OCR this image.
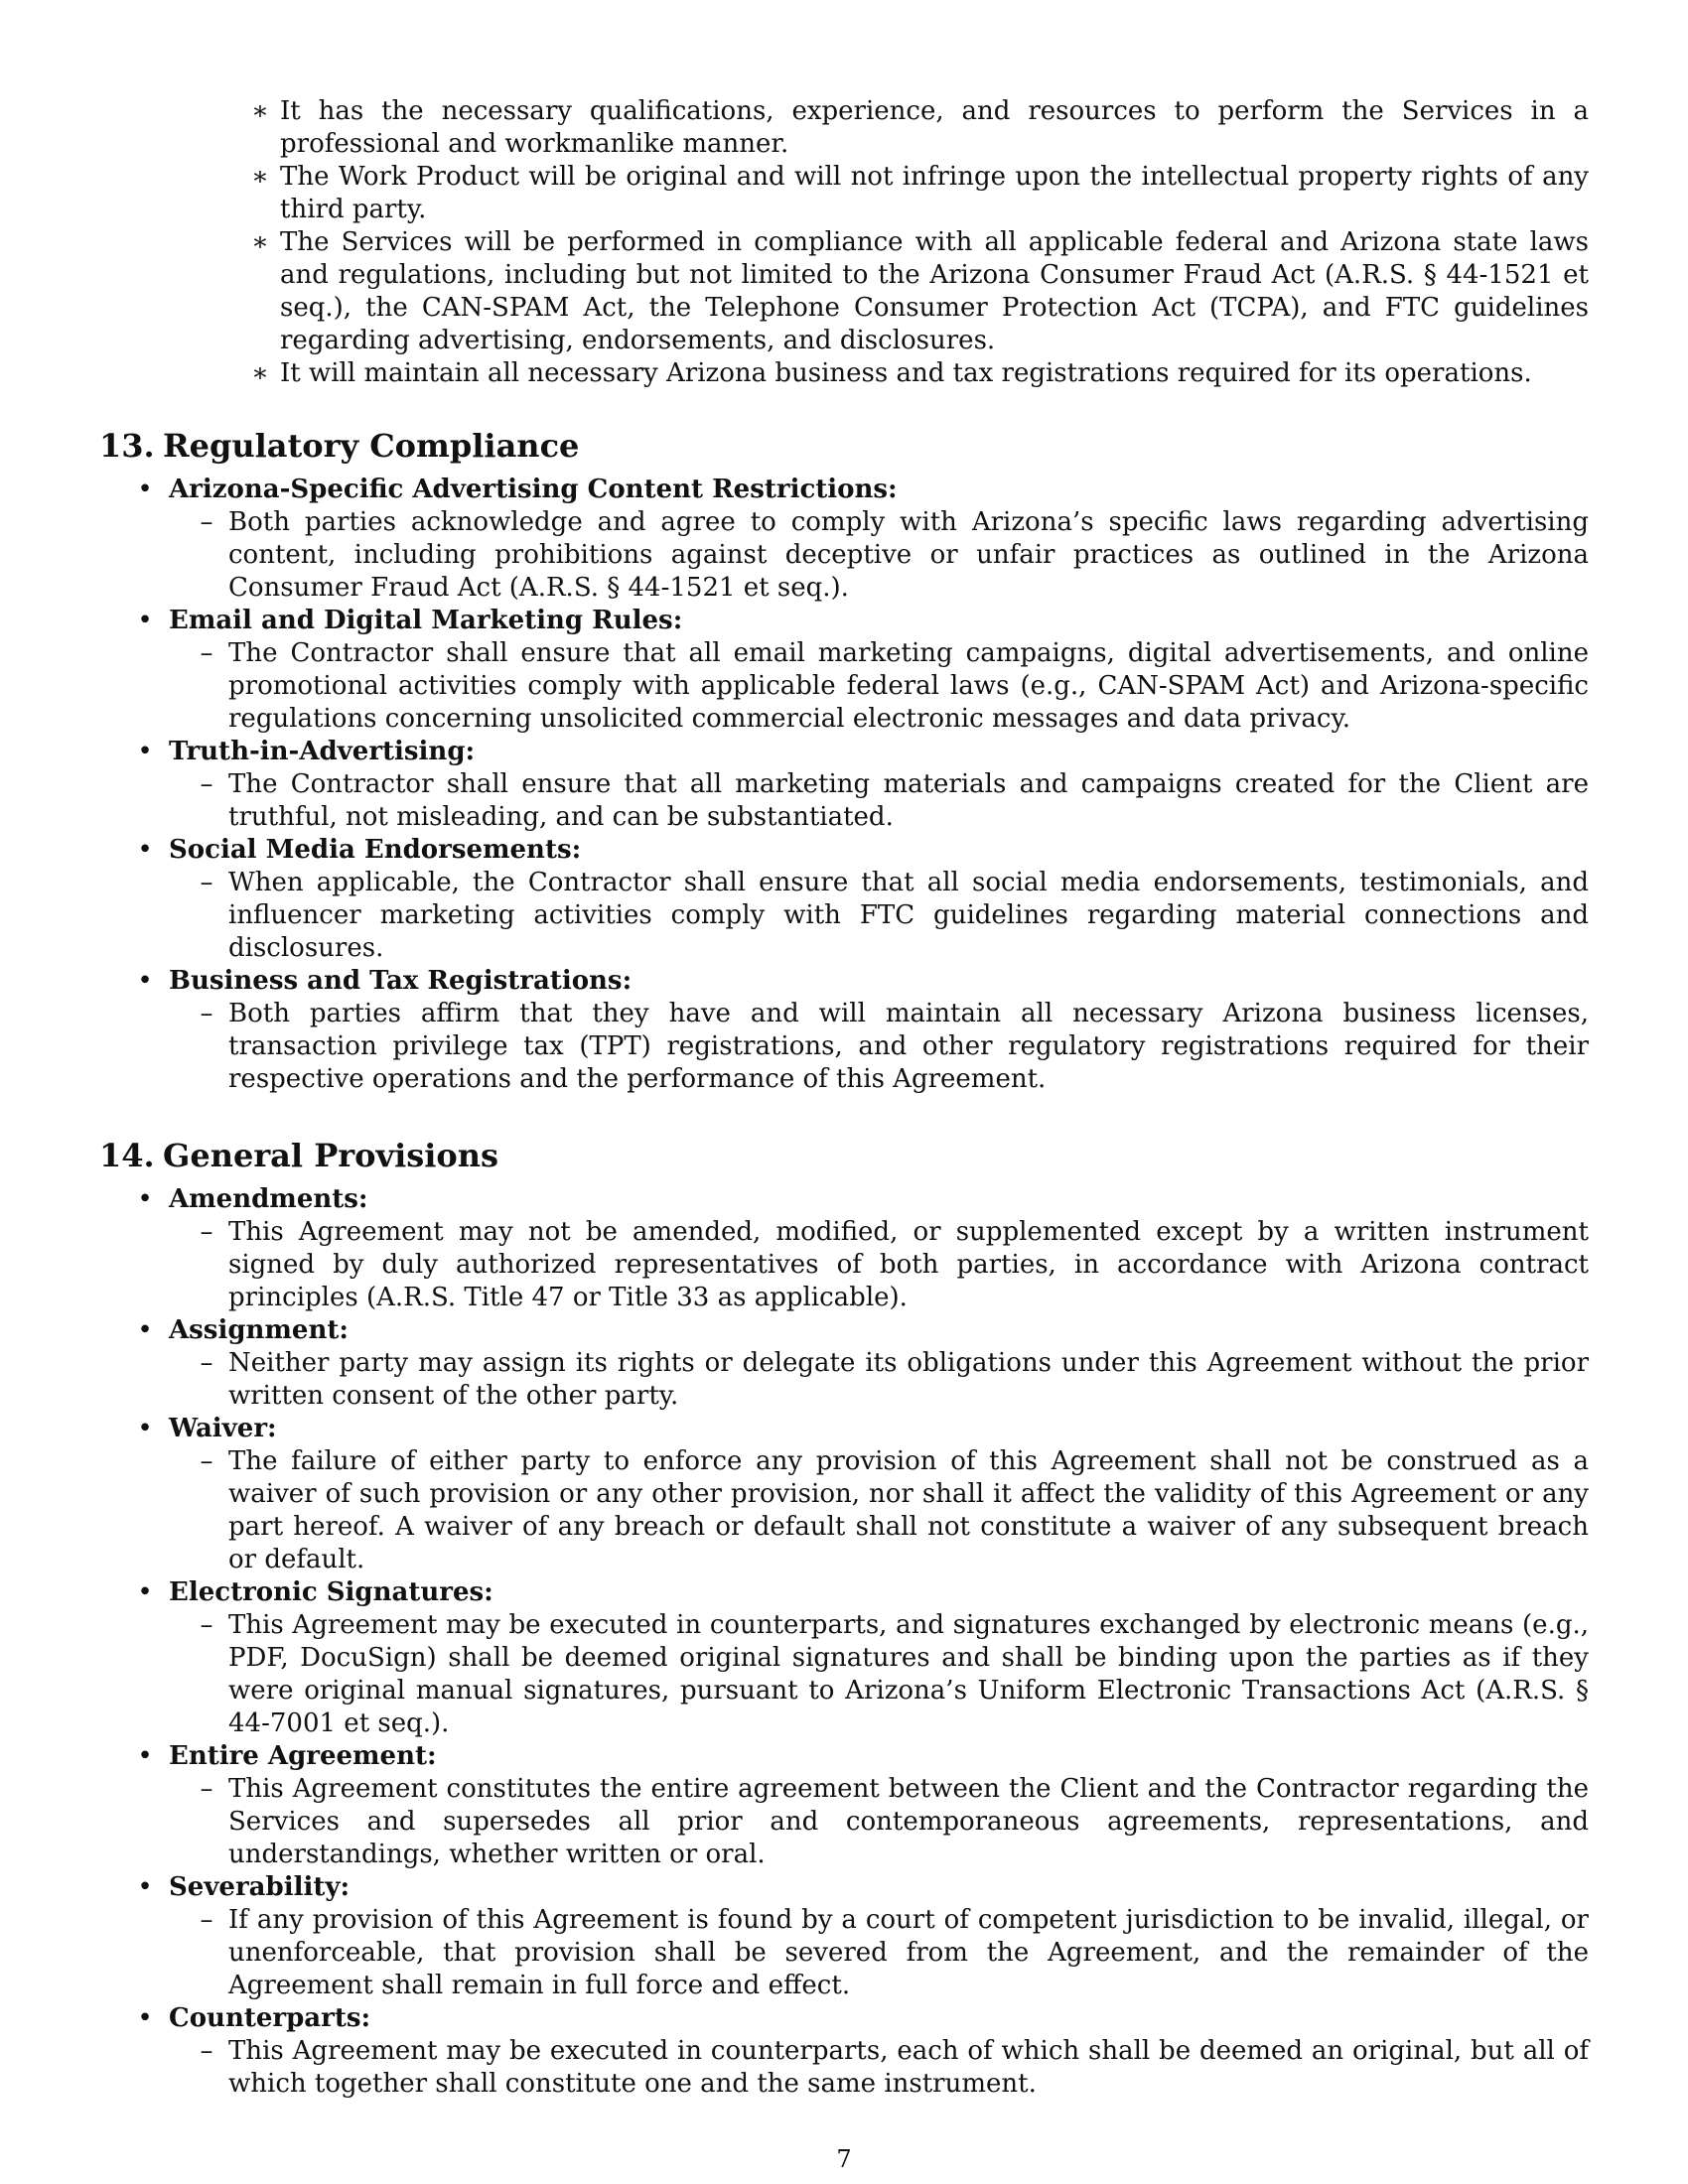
∗ It has the necessary qualifications, experience, and resources to perform the Services in a professional and workmanlike manner.
∗ The Work Product will be original and will not infringe upon the intellectual property rights of any third party.
∗ The Services will be performed in compliance with all applicable federal and Arizona state laws and regulations, including but not limited to the Arizona Consumer Fraud Act (A.R.S. § 44-1521 et seq.), the CAN-SPAM Act, the Telephone Consumer Protection Act (TCPA), and FTC guidelines regarding advertising, endorsements, and disclosures.
∗ It will maintain all necessary Arizona business and tax registrations required for its operations.
13. Regulatory Compliance
• Arizona-Specific Advertising Content Restrictions:
– Both parties acknowledge and agree to comply with Arizona’s specific laws regarding advertising content, including prohibitions against deceptive or unfair practices as outlined in the Arizona Consumer Fraud Act (A.R.S. § 44-1521 et seq.).
• Email and Digital Marketing Rules:
– The Contractor shall ensure that all email marketing campaigns, digital advertisements, and online promotional activities comply with applicable federal laws (e.g., CAN-SPAM Act) and Arizona-specific regulations concerning unsolicited commercial electronic messages and data privacy.
• Truth-in-Advertising:
– The Contractor shall ensure that all marketing materials and campaigns created for the Client are truthful, not misleading, and can be substantiated.
• Social Media Endorsements:
– When applicable, the Contractor shall ensure that all social media endorsements, testimonials, and influencer marketing activities comply with FTC guidelines regarding material connections and disclosures.
• Business and Tax Registrations:
– Both parties affirm that they have and will maintain all necessary Arizona business licenses, transaction privilege tax (TPT) registrations, and other regulatory registrations required for their respective operations and the performance of this Agreement.
14. General Provisions
• Amendments:
– This Agreement may not be amended, modified, or supplemented except by a written instrument signed by duly authorized representatives of both parties, in accordance with Arizona contract principles (A.R.S. Title 47 or Title 33 as applicable).
• Assignment:
– Neither party may assign its rights or delegate its obligations under this Agreement without the prior written consent of the other party.
• Waiver:
– The failure of either party to enforce any provision of this Agreement shall not be construed as a waiver of such provision or any other provision, nor shall it affect the validity of this Agreement or any part hereof. A waiver of any breach or default shall not constitute a waiver of any subsequent breach or default.
• Electronic Signatures:
– This Agreement may be executed in counterparts, and signatures exchanged by electronic means (e.g., PDF, DocuSign) shall be deemed original signatures and shall be binding upon the parties as if they were original manual signatures, pursuant to Arizona’s Uniform Electronic Transactions Act (A.R.S. § 44-7001 et seq.).
• Entire Agreement:
– This Agreement constitutes the entire agreement between the Client and the Contractor regarding the Services and supersedes all prior and contemporaneous agreements, representations, and understandings, whether written or oral.
• Severability:
– If any provision of this Agreement is found by a court of competent jurisdiction to be invalid, illegal, or unenforceable, that provision shall be severed from the Agreement, and the remainder of the Agreement shall remain in full force and effect.
• Counterparts:
– This Agreement may be executed in counterparts, each of which shall be deemed an original, but all of which together shall constitute one and the same instrument.
7
